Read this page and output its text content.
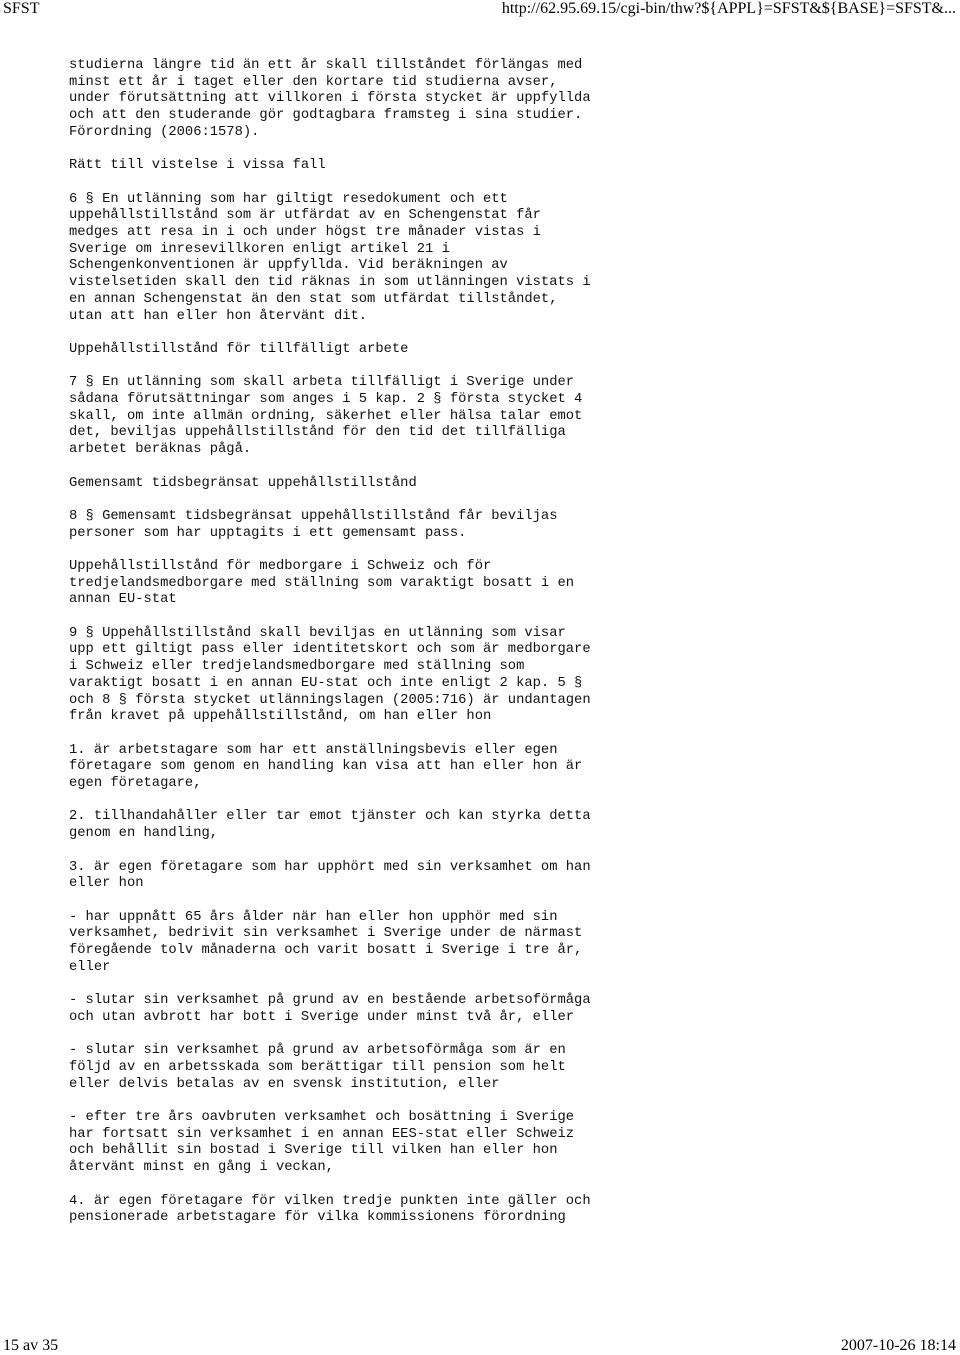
SFST	http://62.95.69.15/cgi-bin/thw?${APPL}=SFST&${BASE}=SFST&...

studierna längre tid än ett år skall tillståndet förlängas med
minst ett år i taget eller den kortare tid studierna avser,
under förutsättning att villkoren i första stycket är uppfyllda
och att den studerande gör godtagbara framsteg i sina studier.
Förordning (2006:1578).

Rätt till vistelse i vissa fall

6 § En utlänning som har giltigt resedokument och ett
uppehållstillstånd som är utfärdat av en Schengenstat får
medges att resa in i och under högst tre månader vistas i
Sverige om inresevillkoren enligt artikel 21 i
Schengenkonventionen är uppfyllda. Vid beräkningen av
vistelsetiden skall den tid räknas in som utlänningen vistats i
en annan Schengenstat än den stat som utfärdat tillståndet,
utan att han eller hon återvänt dit.

Uppehållstillstånd för tillfälligt arbete

7 § En utlänning som skall arbeta tillfälligt i Sverige under
sådana förutsättningar som anges i 5 kap. 2 § första stycket 4
skall, om inte allmän ordning, säkerhet eller hälsa talar emot
det, beviljas uppehållstillstånd för den tid det tillfälliga
arbetet beräknas pågå.

Gemensamt tidsbegränsat uppehållstillstånd

8 § Gemensamt tidsbegränsat uppehållstillstånd får beviljas
personer som har upptagits i ett gemensamt pass.

Uppehållstillstånd för medborgare i Schweiz och för
tredjelandsmedborgare med ställning som varaktigt bosatt i en
annan EU-stat

9 § Uppehållstillstånd skall beviljas en utlänning som visar
upp ett giltigt pass eller identitetskort och som är medborgare
i Schweiz eller tredjelandsmedborgare med ställning som
varaktigt bosatt i en annan EU-stat och inte enligt 2 kap. 5 §
och 8 § första stycket utlänningslagen (2005:716) är undantagen
från kravet på uppehållstillstånd, om han eller hon

1. är arbetstagare som har ett anställningsbevis eller egen
företagare som genom en handling kan visa att han eller hon är
egen företagare,

2. tillhandahåller eller tar emot tjänster och kan styrka detta
genom en handling,

3. är egen företagare som har upphört med sin verksamhet om han
eller hon

- har uppnått 65 års ålder när han eller hon upphör med sin
verksamhet, bedrivit sin verksamhet i Sverige under de närmast
föregående tolv månaderna och varit bosatt i Sverige i tre år,
eller

- slutar sin verksamhet på grund av en bestående arbetsoförmåga
och utan avbrott har bott i Sverige under minst två år, eller

- slutar sin verksamhet på grund av arbetsoförmåga som är en
följd av en arbetsskada som berättigar till pension som helt
eller delvis betalas av en svensk institution, eller

- efter tre års oavbruten verksamhet och bosättning i Sverige
har fortsatt sin verksamhet i en annan EES-stat eller Schweiz
och behållit sin bostad i Sverige till vilken han eller hon
återvänt minst en gång i veckan,

4. är egen företagare för vilken tredje punkten inte gäller och
pensionerade arbetstagare för vilka kommissionens förordning

15 av 35	2007-10-26 18:14
